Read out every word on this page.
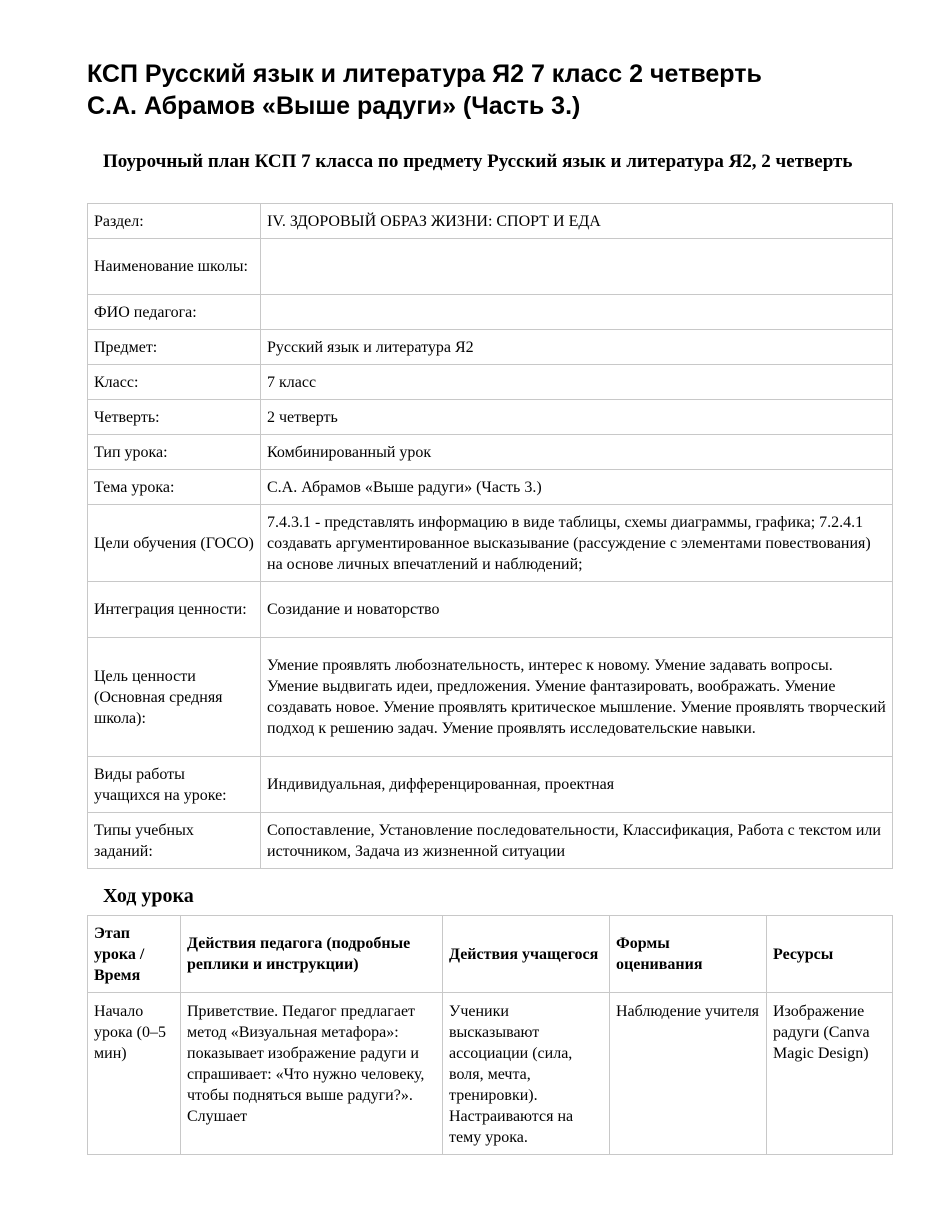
КСП Русский язык и литература Я2 7 класс 2 четверть
С.А. Абрамов «Выше радуги» (Часть 3.)
Поурочный план КСП 7 класса по предмету Русский язык и литература Я2, 2 четверть
Раздел:	IV. ЗДОРОВЫЙ ОБРАЗ ЖИЗНИ: СПОРТ И ЕДА
Наименование школы:	
ФИО педагога:	
Предмет:	Русский язык и литература Я2
Класс:	7 класс
Четверть:	2 четверть
Тип урока:	Комбинированный урок
Тема урока:	С.А. Абрамов «Выше радуги» (Часть 3.)
Цели обучения (ГОСО)	7.4.3.1 - представлять информацию в виде таблицы, схемы диаграммы, графика; 7.2.4.1 создавать аргументированное высказывание (рассуждение с элементами повествования) на основе личных впечатлений и наблюдений;
Интеграция ценности:	Созидание и новаторство
Цель ценности (Основная средняя школа):	Умение проявлять любознательность, интерес к новому. Умение задавать вопросы. Умение выдвигать идеи, предложения. Умение фантазировать, воображать. Умение создавать новое. Умение проявлять критическое мышление. Умение проявлять творческий подход к решению задач. Умение проявлять исследовательские навыки.
Виды работы учащихся на уроке:	Индивидуальная, дифференцированная, проектная
Типы учебных заданий:	Сопоставление, Установление последовательности, Классификация, Работа с текстом или источником, Задача из жизненной ситуации
Ход урока
Этап урока / Время	Действия педагога (подробные реплики и инструкции)	Действия учащегося	Формы оценивания	Ресурсы
Начало урока (0–5 мин)	Приветствие. Педагог предлагает метод «Визуальная метафора»: показывает изображение радуги и спрашивает: «Что нужно человеку, чтобы подняться выше радуги?». Слушает	Ученики высказывают ассоциации (сила, воля, мечта, тренировки). Настраиваются на тему урока.	Наблюдение учителя	Изображение радуги (Canva Magic Design)
